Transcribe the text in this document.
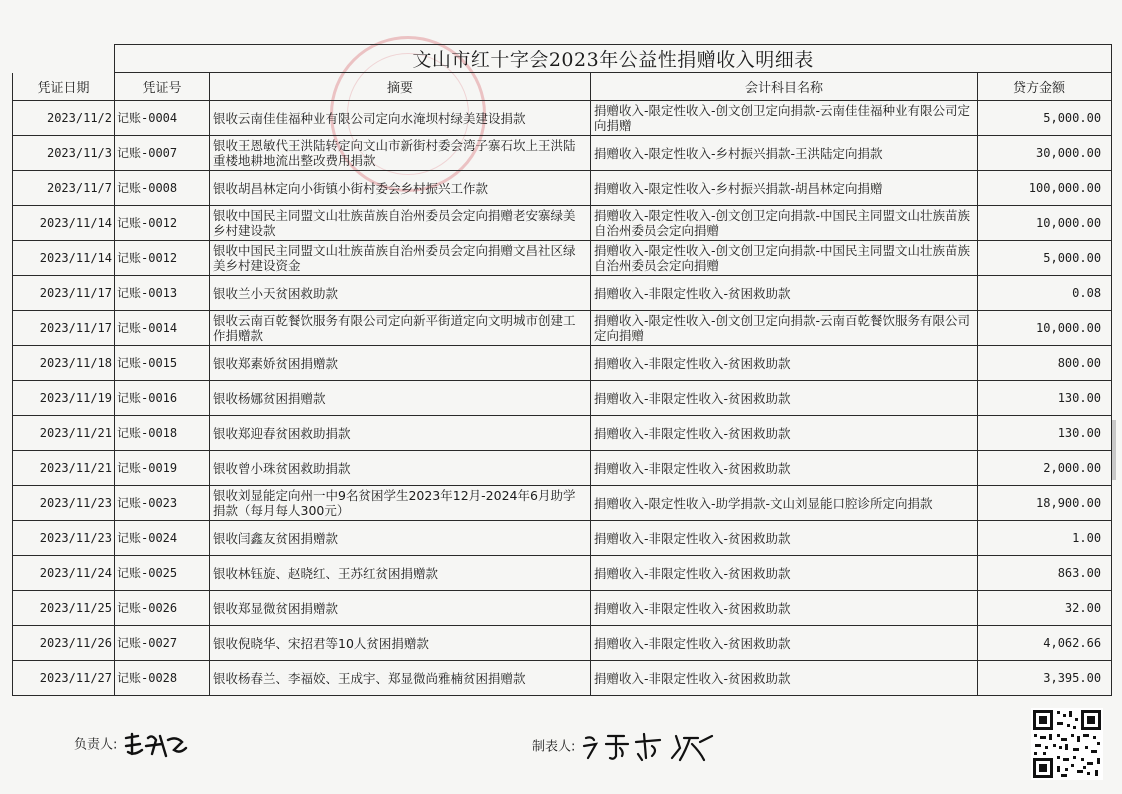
	文山市红十字会2023年公益性捐赠收入明细表			
凭证日期	凭证号	摘要	会计科目名称	贷方金额
2023/11/2	记账-0004	银收云南佳佳福种业有限公司定向水淹坝村绿美建设捐款	捐赠收入-限定性收入-创文创卫定向捐款-云南佳佳福种业有限公司定向捐赠	5,000.00
2023/11/3	记账-0007	银收王恩敏代王洪陆转定向文山市新街村委会湾子寨石坎上王洪陆重楼地耕地流出整改费用捐款	捐赠收入-限定性收入-乡村振兴捐款-王洪陆定向捐款	30,000.00
2023/11/7	记账-0008	银收胡昌林定向小街镇小街村委会乡村振兴工作款	捐赠收入-限定性收入-乡村振兴捐款-胡昌林定向捐赠	100,000.00
2023/11/14	记账-0012	银收中国民主同盟文山壮族苗族自治州委员会定向捐赠老安寨绿美乡村建设款	捐赠收入-限定性收入-创文创卫定向捐款-中国民主同盟文山壮族苗族自治州委员会定向捐赠	10,000.00
2023/11/14	记账-0012	银收中国民主同盟文山壮族苗族自治州委员会定向捐赠文昌社区绿美乡村建设资金	捐赠收入-限定性收入-创文创卫定向捐款-中国民主同盟文山壮族苗族自治州委员会定向捐赠	5,000.00
2023/11/17	记账-0013	银收兰小天贫困救助款	捐赠收入-非限定性收入-贫困救助款	0.08
2023/11/17	记账-0014	银收云南百乾餐饮服务有限公司定向新平街道定向文明城市创建工作捐赠款	捐赠收入-限定性收入-创文创卫定向捐款-云南百乾餐饮服务有限公司定向捐赠	10,000.00
2023/11/18	记账-0015	银收郑素娇贫困捐赠款	捐赠收入-非限定性收入-贫困救助款	800.00
2023/11/19	记账-0016	银收杨娜贫困捐赠款	捐赠收入-非限定性收入-贫困救助款	130.00
2023/11/21	记账-0018	银收郑迎春贫困救助捐款	捐赠收入-非限定性收入-贫困救助款	130.00
2023/11/21	记账-0019	银收曾小珠贫困救助捐款	捐赠收入-非限定性收入-贫困救助款	2,000.00
2023/11/23	记账-0023	银收刘显能定向州一中9名贫困学生2023年12月-2024年6月助学捐款（每月每人300元）	捐赠收入-限定性收入-助学捐款-文山刘显能口腔诊所定向捐款	18,900.00
2023/11/23	记账-0024	银收闫鑫友贫困捐赠款	捐赠收入-非限定性收入-贫困救助款	1.00
2023/11/24	记账-0025	银收林钰旋、赵晓红、王苏红贫困捐赠款	捐赠收入-非限定性收入-贫困救助款	863.00
2023/11/25	记账-0026	银收郑显微贫困捐赠款	捐赠收入-非限定性收入-贫困救助款	32.00
2023/11/26	记账-0027	银收倪晓华、宋招君等10人贫困捐赠款	捐赠收入-非限定性收入-贫困救助款	4,062.66
2023/11/27	记账-0028	银收杨春兰、李福姣、王成宇、郑显微尚雅楠贫困捐赠款	捐赠收入-非限定性收入-贫困救助款	3,395.00
负责人:	制表人:
